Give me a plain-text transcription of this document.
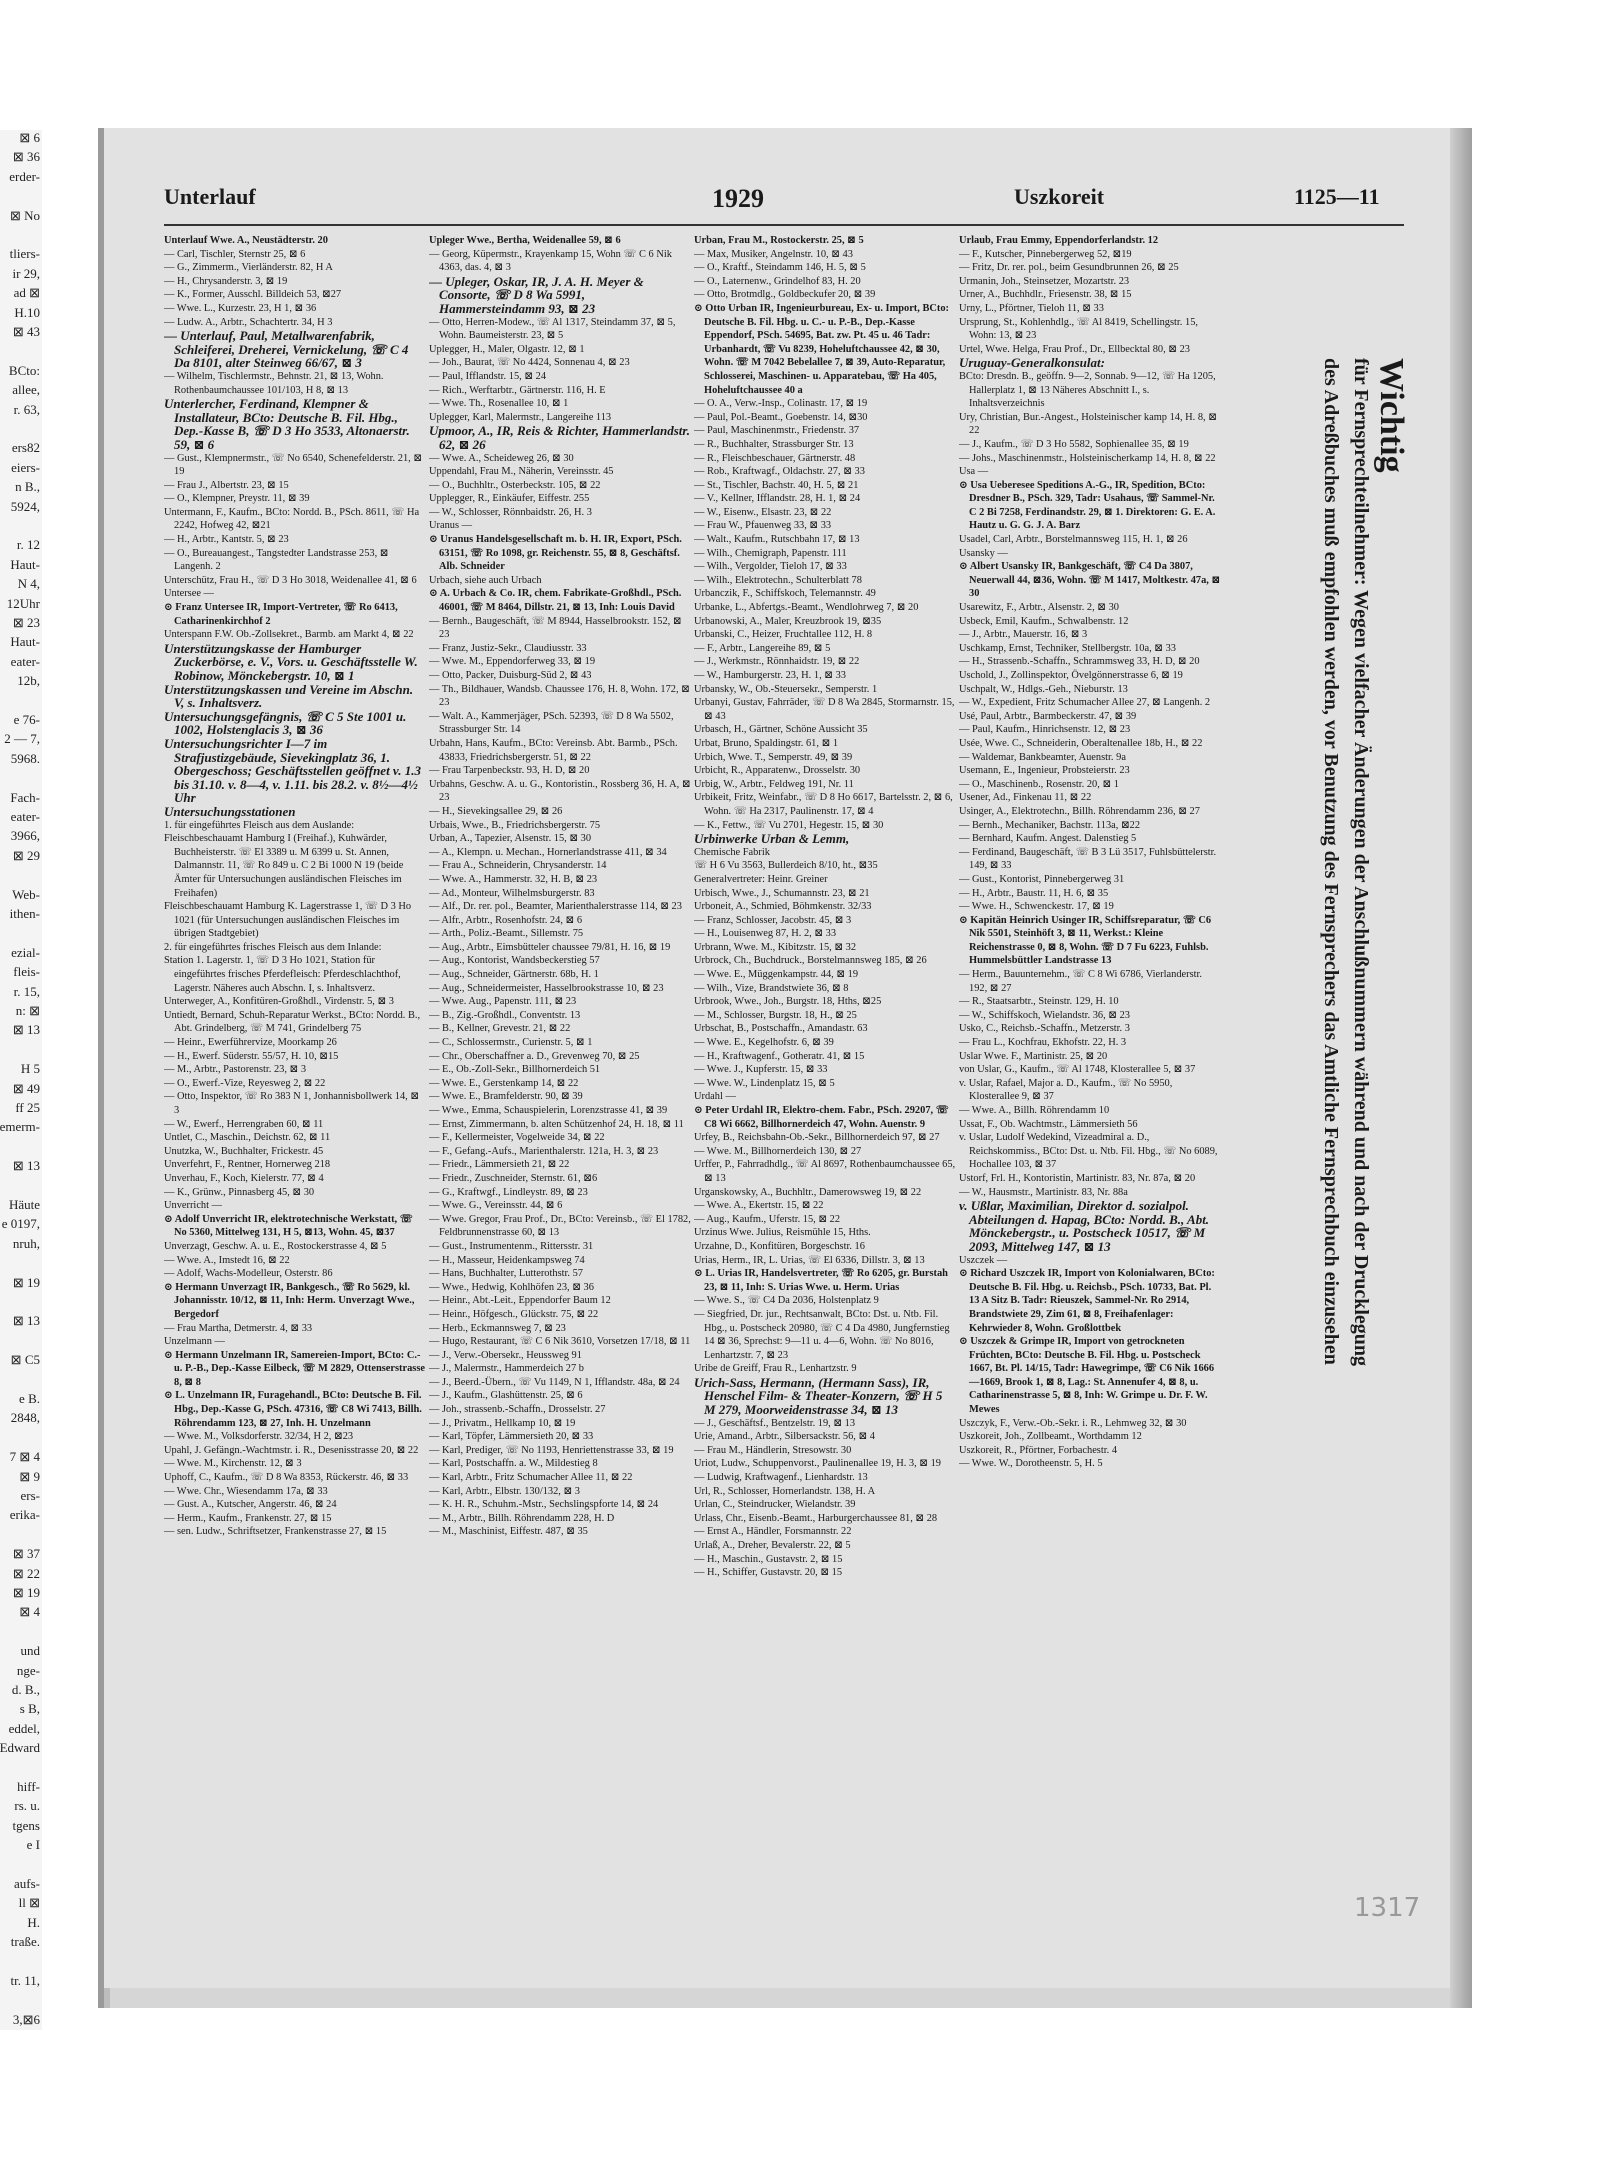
⊠ 6
⊠ 36
erder-
⊠ No
tliers-
ir 29,
ad ⊠
H.10
⊠ 43
BCto:
allee,
r. 63,
ers82
eiers-
n B.,
5924,
r. 12
Haut-
N 4,
12Uhr
⊠ 23
Haut-
eater-
12b,
e 76-
2 — 7,
5968.
Fach-
eater-
3966,
⊠ 29
Web-
ithen-
ezial-
fleis-
r. 15,
n: ⊠
⊠ 13
H 5
⊠ 49
ff 25
emerm-
⊠ 13
Häute
e 0197,
nruh,
⊠ 19
⊠ 13
⊠ C5
e B.
2848,
7 ⊠ 4
⊠ 9
ers-
erika-
⊠ 37
⊠ 22
⊠ 19
⊠ 4
und
nge-
d. B.,
s B,
eddel,
Edward
hiff-
rs. u.
tgens
e I
aufs-
ll ⊠
H.
traße.
tr. 11,
3,⊠6
Unterlauf	1929	Uszkoreit	1125—11

Unterlauf Wwe. A., Neustädterstr. 20

— Carl, Tischler, Sternstr 25, ⊠ 6

— G., Zimmerm., Vierländerstr. 82, H A

— H., Chrysanderstr. 3, ⊠ 19

— K., Former, Ausschl. Billdeich 53, ⊠27

— Wwe. L., Kurzestr. 23, H 1, ⊠ 36

— Ludw. A., Arbtr., Schachtertr. 34, H 3

— Unterlauf, Paul, Metallwarenfabrik, Schleiferei, Dreherei, Vernickelung, ☏ C 4 Da 8101, alter Steinweg 66/67, ⊠ 3

— Wilhelm, Tischlermstr., Behnstr. 21, ⊠ 13, Wohn. Rothenbaumchaussee 101/103, H 8, ⊠ 13

Unterlercher, Ferdinand, Klempner & Installateur, BCto: Deutsche B. Fil. Hbg., Dep.-Kasse B, ☏ D 3 Ho 3533, Altonaerstr. 59, ⊠ 6

— Gust., Klempnermstr., ☏ No 6540, Schenefelderstr. 21, ⊠ 19

— Frau J., Albertstr. 23, ⊠ 15

— O., Klempner, Preystr. 11, ⊠ 39

Untermann, F., Kaufm., BCto: Nordd. B., PSch. 8611, ☏ Ha 2242, Hofweg 42, ⊠21

— H., Arbtr., Kantstr. 5, ⊠ 23

— O., Bureauangest., Tangstedter Landstrasse 253, ⊠ Langenh. 2

Unterschütz, Frau H., ☏ D 3 Ho 3018, Weidenallee 41, ⊠ 6

Untersee —

⊙ Franz Untersee IR, Import-Vertreter, ☏ Ro 6413, Catharinenkirchhof 2

Unterspann F.W. Ob.-Zollsekret., Barmb. am Markt 4, ⊠ 22

Unterstützungskasse der Hamburger Zuckerbörse, e. V., Vors. u. Geschäftsstelle W. Robinow, Mönckebergstr. 10, ⊠ 1

Unterstützungskassen und Vereine im Abschn. V, s. Inhaltsverz.

Untersuchungsgefängnis, ☏ C 5 Ste 1001 u. 1002, Holstenglacis 3, ⊠ 36

Untersuchungsrichter I—7 im Strafjustizgebäude, Sievekingplatz 36, 1. Obergeschoss; Geschäftsstellen geöffnet v. 1.3 bis 31.10. v. 8—4, v. 1.11. bis 28.2. v. 8½—4½ Uhr

Untersuchungsstationen

1. für eingeführtes Fleisch aus dem Auslande:

Fleischbeschauamt Hamburg I (Freihaf.), Kuhwärder, Buchheisterstr. ☏ El 3389 u. M 6399 u. St. Annen, Dalmannstr. 11, ☏ Ro 849 u. C 2 Bi 1000 N 19 (beide Ämter für Untersuchungen ausländischen Fleisches im Freihafen)

Fleischbeschauamt Hamburg K. Lagerstrasse 1, ☏ D 3 Ho 1021 (für Untersuchungen ausländischen Fleisches im übrigen Stadtgebiet)

2. für eingeführtes frisches Fleisch aus dem Inlande:

Station 1. Lagerstr. 1, ☏ D 3 Ho 1021, Station für eingeführtes frisches Pferdefleisch: Pferdeschlachthof, Lagerstr. Näheres auch Abschn. I, s. Inhaltsverz.

Unterweger, A., Konfitüren-Großhdl., Virdenstr. 5, ⊠ 3

Untiedt, Bernard, Schuh-Reparatur Werkst., BCto: Nordd. B., Abt. Grindelberg, ☏ M 741, Grindelberg 75

— Heinr., Ewerführervize, Moorkamp 26

— H., Ewerf. Süderstr. 55/57, H. 10, ⊠15

— M., Arbtr., Pastorenstr. 23, ⊠ 3

— O., Ewerf.-Vize, Reyesweg 2, ⊠ 22

— Otto, Inspektor, ☏ Ro 383 N 1, Jonhannisbollwerk 14, ⊠ 3

— W., Ewerf., Herrengraben 60, ⊠ 11

Untlet, C., Maschin., Deichstr. 62, ⊠ 11

Unutzka, W., Buchhalter, Frickestr. 45

Unverfehrt, F., Rentner, Hornerweg 218

Unverhau, F., Koch, Kielerstr. 77, ⊠ 4

— K., Grünw., Pinnasberg 45, ⊠ 30

Unverricht —

⊙ Adolf Unverricht IR, elektrotechnische Werkstatt, ☏ No 5360, Mittelweg 131, H 5, ⊠13, Wohn. 45, ⊠37

Unverzagt, Geschw. A. u. E., Rostockerstrasse 4, ⊠ 5

— Wwe. A., Imstedt 16, ⊠ 22

— Adolf, Wachs-Modelleur, Osterstr. 86

⊙ Hermann Unverzagt IR, Bankgesch., ☏ Ro 5629, kl. Johannisstr. 10/12, ⊠ 11, Inh: Herm. Unverzagt Wwe., Bergedorf

— Frau Martha, Detmerstr. 4, ⊠ 33

Unzelmann —

⊙ Hermann Unzelmann IR, Samereien-Import, BCto: C.- u. P.-B., Dep.-Kasse Eilbeck, ☏ M 2829, Ottenserstrasse 8, ⊠ 8

⊙ L. Unzelmann IR, Furagehandl., BCto: Deutsche B. Fil. Hbg., Dep.-Kasse G, PSch. 47316, ☏ C8 Wi 7413, Billh. Röhrendamm 123, ⊠ 27, Inh. H. Unzelmann

— Wwe. M., Volksdorferstr. 32/34, H 2, ⊠23

Upahl, J. Gefängn.-Wachtmstr. i. R., Desenisstrasse 20, ⊠ 22

— Wwe. M., Kirchenstr. 12, ⊠ 3

Uphoff, C., Kaufm., ☏ D 8 Wa 8353, Rückerstr. 46, ⊠ 33

— Wwe. Chr., Wiesendamm 17a, ⊠ 33

— Gust. A., Kutscher, Angerstr. 46, ⊠ 24

— Herm., Kaufm., Frankenstr. 27, ⊠ 15

— sen. Ludw., Schriftsetzer, Frankenstrasse 27, ⊠ 15

Upleger Wwe., Bertha, Weidenallee 59, ⊠ 6

— Georg, Küpermstr., Krayenkamp 15, Wohn ☏ C 6 Nik 4363, das. 4, ⊠ 3

— Upleger, Oskar, IR, J. A. H. Meyer & Consorte, ☏ D 8 Wa 5991, Hammersteindamm 93, ⊠ 23

— Otto, Herren-Modew., ☏ Al 1317, Steindamm 37, ⊠ 5, Wohn. Baumeisterstr. 23, ⊠ 5

Uplegger, H., Maler, Olgastr. 12, ⊠ 1

— Joh., Baurat, ☏ No 4424, Sonnenau 4, ⊠ 23

— Paul, Ifflandstr. 15, ⊠ 24

— Rich., Werftarbtr., Gärtnerstr. 116, H. E

— Wwe. Th., Rosenallee 10, ⊠ 1

Uplegger, Karl, Malermstr., Langereihe 113

Upmoor, A., IR, Reis & Richter, Hammerlandstr. 62, ⊠ 26

— Wwe. A., Scheideweg 26, ⊠ 30

Uppendahl, Frau M., Näherin, Vereinsstr. 45

— O., Buchhltr., Osterbeckstr. 105, ⊠ 22

Upplegger, R., Einkäufer, Eiffestr. 255

— W., Schlosser, Rönnbaidstr. 26, H. 3

Uranus —

⊙ Uranus Handelsgesellschaft m. b. H. IR, Export, PSch. 63151, ☏ Ro 1098, gr. Reichenstr. 55, ⊠ 8, Geschäftsf. Alb. Schneider

Urbach, siehe auch Urbach

⊙ A. Urbach & Co. IR, chem. Fabrikate-Großhdl., PSch. 46001, ☏ M 8464, Dillstr. 21, ⊠ 13, Inh: Louis David

— Bernh., Baugeschäft, ☏ M 8944, Hasselbrookstr. 152, ⊠ 23

— Franz, Justiz-Sekr., Claudiusstr. 33

— Wwe. M., Eppendorferweg 33, ⊠ 19

— Otto, Packer, Duisburg-Süd 2, ⊠ 43

— Th., Bildhauer, Wandsb. Chaussee 176, H. 8, Wohn. 172, ⊠ 23

— Walt. A., Kammerjäger, PSch. 52393, ☏ D 8 Wa 5502, Strassburger Str. 14

Urbahn, Hans, Kaufm., BCto: Vereinsb. Abt. Barmb., PSch. 43833, Friedrichsbergerstr. 51, ⊠ 22

— Frau Tarpenbeckstr. 93, H. D, ⊠ 20

Urbahns, Geschw. A. u. G., Kontoristin., Rossberg 36, H. A, ⊠ 23

— H., Sievekingsallee 29, ⊠ 26

Urbais, Wwe., B., Friedrichsbergerstr. 75

Urban, A., Tapezier, Alsenstr. 15, ⊠ 30

— A., Klempn. u. Mechan., Hornerlandstrasse 411, ⊠ 34

— Frau A., Schneiderin, Chrysanderstr. 14

— Wwe. A., Hammerstr. 32, H. B, ⊠ 23

— Ad., Monteur, Wilhelmsburgerstr. 83

— Alf., Dr. rer. pol., Beamter, Marienthalerstrasse 114, ⊠ 23

— Alfr., Arbtr., Rosenhofstr. 24, ⊠ 6

— Arth., Poliz.-Beamt., Sillemstr. 75

— Aug., Arbtr., Eimsbütteler chaussee 79/81, H. 16, ⊠ 19

— Aug., Kontorist, Wandsbeckerstieg 57

— Aug., Schneider, Gärtnerstr. 68b, H. 1

— Aug., Schneidermeister, Hasselbrookstrasse 10, ⊠ 23

— Wwe. Aug., Papenstr. 111, ⊠ 23

— B., Zig.-Großhdl., Conventstr. 13

— B., Kellner, Grevestr. 21, ⊠ 22

— C., Schlossermstr., Curienstr. 5, ⊠ 1

— Chr., Oberschaffner a. D., Grevenweg 70, ⊠ 25

— E., Ob.-Zoll-Sekr., Billhornerdeich 51

— Wwe. E., Gerstenkamp 14, ⊠ 22

— Wwe. E., Bramfelderstr. 90, ⊠ 39

— Wwe., Emma, Schauspielerin, Lorenzstrasse 41, ⊠ 39

— Ernst, Zimmermann, b. alten Schützenhof 24, H. 18, ⊠ 11

— F., Kellermeister, Vogelweide 34, ⊠ 22

— F., Gefang.-Aufs., Marienthalerstr. 121a, H. 3, ⊠ 23

— Friedr., Lämmersieth 21, ⊠ 22

— Friedr., Zuschneider, Sternstr. 61, ⊠6

— G., Kraftwgf., Lindleystr. 89, ⊠ 23

— Wwe. G., Vereinsstr. 44, ⊠ 6

— Wwe. Gregor, Frau Prof., Dr., BCto: Vereinsb., ☏ El 1782, Feldbrunnenstrasse 60, ⊠ 13

— Gust., Instrumentenm., Rittersstr. 31

— H., Masseur, Heidenkampsweg 74

— Hans, Buchhalter, Lutterothstr. 57

— Wwe., Hedwig, Kohlhöfen 23, ⊠ 36

— Heinr., Abt.-Leit., Eppendorfer Baum 12

— Heinr., Höfgesch., Glückstr. 75, ⊠ 22

— Herb., Eckmannsweg 7, ⊠ 23

— Hugo, Restaurant, ☏ C 6 Nik 3610, Vorsetzen 17/18, ⊠ 11

— J., Verw.-Obersekr., Heussweg 91

— J., Malermstr., Hammerdeich 27 b

— J., Beerd.-Übern., ☏ Vu 1149, N 1, Ifflandstr. 48a, ⊠ 24

— J., Kaufm., Glashüttenstr. 25, ⊠ 6

— Joh., strassenb.-Schaffn., Drosselstr. 27

— J., Privatm., Hellkamp 10, ⊠ 19

— Karl, Töpfer, Lämmersieth 20, ⊠ 33

— Karl, Prediger, ☏ No 1193, Henriettenstrasse 33, ⊠ 19

— Karl, Postschaffn. a. W., Mildestieg 8

— Karl, Arbtr., Fritz Schumacher Allee 11, ⊠ 22

— Karl, Arbtr., Elbstr. 130/132, ⊠ 3

— K. H. R., Schuhm.-Mstr., Sechslingspforte 14, ⊠ 24

— M., Arbtr., Billh. Röhrendamm 228, H. D

— M., Maschinist, Eiffestr. 487, ⊠ 35

Urban, Frau M., Rostockerstr. 25, ⊠ 5

— Max, Musiker, Angelnstr. 10, ⊠ 43

— O., Kraftf., Steindamm 146, H. 5, ⊠ 5

— O., Laternenw., Grindelhof 83, H. 20

— Otto, Brotmdlg., Goldbeckufer 20, ⊠ 39

⊙ Otto Urban IR, Ingenieurbureau, Ex- u. Import, BCto: Deutsche B. Fil. Hbg. u. C.- u. P.-B., Dep.-Kasse Eppendorf, PSch. 54695, Bat. zw. Pt. 45 u. 46 Tadr: Urbanhardt, ☏ Vu 8239, Hoheluftchaussee 42, ⊠ 30, Wohn. ☏ M 7042 Bebelallee 7, ⊠ 39, Auto-Reparatur, Schlosserei, Maschinen- u. Apparatebau, ☏ Ha 405, Hoheluftchaussee 40 a

— O. A., Verw.-Insp., Colinastr. 17, ⊠ 19

— Paul, Pol.-Beamt., Goebenstr. 14, ⊠30

— Paul, Maschinenmstr., Friedenstr. 37

— R., Buchhalter, Strassburger Str. 13

— R., Fleischbeschauer, Gärtnerstr. 48

— Rob., Kraftwagf., Oldachstr. 27, ⊠ 33

— St., Tischler, Bachstr. 40, H. 5, ⊠ 21

— V., Kellner, Ifflandstr. 28, H. 1, ⊠ 24

— W., Eisenw., Elsastr. 23, ⊠ 22

— Frau W., Pfauenweg 33, ⊠ 33

— Walt., Kaufm., Rutschbahn 17, ⊠ 13

— Wilh., Chemigraph, Papenstr. 111

— Wilh., Vergolder, Tieloh 17, ⊠ 33

— Wilh., Elektrotechn., Schulterblatt 78

Urbanczik, F., Schiffskoch, Telemannstr. 49

Urbanke, L., Abfertgs.-Beamt., Wendlohrweg 7, ⊠ 20

Urbanowski, A., Maler, Kreuzbrook 19, ⊠35

Urbanski, C., Heizer, Fruchtallee 112, H. 8

— F., Arbtr., Langereihe 89, ⊠ 5

— J., Werkmstr., Rönnhaidstr. 19, ⊠ 22

— W., Hamburgerstr. 23, H. 1, ⊠ 33

Urbansky, W., Ob.-Steuersekr., Semperstr. 1

Urbanyi, Gustav, Fahrräder, ☏ D 8 Wa 2845, Stormarnstr. 15, ⊠ 43

Urbasch, H., Gärtner, Schöne Aussicht 35

Urbat, Bruno, Spaldingstr. 61, ⊠ 1

Urbich, Wwe. T., Semperstr. 49, ⊠ 39

Urbicht, R., Apparatenw., Drosselstr. 30

Urbig, W., Arbtr., Feldweg 191, Nr. 11

Urbikeit, Fritz, Weinfabr., ☏ D 8 Ho 6617, Bartelsstr. 2, ⊠ 6, Wohn. ☏ Ha 2317, Paulinenstr. 17, ⊠ 4

— K., Fettw., ☏ Vu 2701, Hegestr. 15, ⊠ 30

Urbinwerke Urban & Lemm,

Chemische Fabrik

☏ H 6 Vu 3563, Bullerdeich 8/10, ht., ⊠35

Generalvertreter: Heinr. Greiner

Urbisch, Wwe., J., Schumannstr. 23, ⊠ 21

Urboneit, A., Schmied, Böhmkenstr. 32/33

— Franz, Schlosser, Jacobstr. 45, ⊠ 3

— H., Louisenweg 87, H. 2, ⊠ 33

Urbrann, Wwe. M., Kibitzstr. 15, ⊠ 32

Urbrock, Ch., Buchdruck., Borstelmannsweg 185, ⊠ 26

— Wwe. E., Müggenkampstr. 44, ⊠ 19

— Wilh., Vize, Brandstwiete 36, ⊠ 8

Urbrook, Wwe., Joh., Burgstr. 18, Hths, ⊠25

— M., Schlosser, Burgstr. 18, H., ⊠ 25

Urbschat, B., Postschaffn., Amandastr. 63

— Wwe. E., Kegelhofstr. 6, ⊠ 39

— H., Kraftwagenf., Gotheratr. 41, ⊠ 15

— Wwe. J., Kupferstr. 15, ⊠ 33

— Wwe. W., Lindenplatz 15, ⊠ 5

Urdahl —

⊙ Peter Urdahl IR, Elektro-chem. Fabr., PSch. 29207, ☏ C8 Wi 6662, Billhornerdeich 47, Wohn. Auenstr. 9

Urfey, B., Reichsbahn-Ob.-Sekr., Billhornerdeich 97, ⊠ 27

— Wwe. M., Billhornerdeich 130, ⊠ 27

Urffer, P., Fahrradhdlg., ☏ Al 8697, Rothenbaumchaussee 65, ⊠ 13

Urganskowsky, A., Buchhltr., Damerowsweg 19, ⊠ 22

— Wwe. A., Ekertstr. 15, ⊠ 22

— Aug., Kaufm., Uferstr. 15, ⊠ 22

Urzinus Wwe. Julius, Reismühle 15, Hths.

Urzahne, D., Konfitüren, Borgeschstr. 16

Urias, Herm., IR, L. Urias, ☏ El 6336, Dillstr. 3, ⊠ 13

⊙ L. Urias IR, Handelsvertreter, ☏ Ro 6205, gr. Burstah 23, ⊠ 11, Inh: S. Urias Wwe. u. Herm. Urias

— Wwe. S., ☏ C4 Da 2036, Holstenplatz 9

— Siegfried, Dr. jur., Rechtsanwalt, BCto: Dst. u. Ntb. Fil. Hbg., u. Postscheck 20980, ☏ C 4 Da 4980, Jungfernstieg 14 ⊠ 36, Sprechst: 9—11 u. 4—6, Wohn. ☏ No 8016, Lenhartzstr. 7, ⊠ 23

Uribe de Greiff, Frau R., Lenhartzstr. 9

Urich-Sass, Hermann, (Hermann Sass), IR, Henschel Film- & Theater-Konzern, ☏ H 5 M 279, Moorweidenstrasse 34, ⊠ 13

— J., Geschäftsf., Bentzelstr. 19, ⊠ 13

Urie, Amand., Arbtr., Silbersackstr. 56, ⊠ 4

— Frau M., Händlerin, Stresowstr. 30

Uriot, Ludw., Schuppenvorst., Paulinenallee 19, H. 3, ⊠ 19

— Ludwig, Kraftwagenf., Lienhardstr. 13

Url, R., Schlosser, Hornerlandstr. 138, H. A

Urlan, C., Steindrucker, Wielandstr. 39

Urlass, Chr., Eisenb.-Beamt., Harburgerchaussee 81, ⊠ 28

— Ernst A., Händler, Forsmannstr. 22

Urlaß, A., Dreher, Bevalerstr. 22, ⊠ 5

— H., Maschin., Gustavstr. 2, ⊠ 15

— H., Schiffer, Gustavstr. 20, ⊠ 15

Urlaub, Frau Emmy, Eppendorferlandstr. 12

— F., Kutscher, Pinnebergerweg 52, ⊠19

— Fritz, Dr. rer. pol., beim Gesundbrunnen 26, ⊠ 25

Urmanin, Joh., Steinsetzer, Mozartstr. 23

Urner, A., Buchhdlr., Friesenstr. 38, ⊠ 15

Urny, L., Pförtner, Tieloh 11, ⊠ 33

Ursprung, St., Kohlenhdlg., ☏ Al 8419, Schellingstr. 15, Wohn: 13, ⊠ 23

Urtel, Wwe. Helga, Frau Prof., Dr., Ellbecktal 80, ⊠ 23

Uruguay-Generalkonsulat:

BCto: Dresdn. B., geöffn. 9—2, Sonnab. 9—12, ☏ Ha 1205, Hallerplatz 1, ⊠ 13 Näheres Abschnitt I., s. Inhaltsverzeichnis

Ury, Christian, Bur.-Angest., Holsteinischer kamp 14, H. 8, ⊠ 22

— J., Kaufm., ☏ D 3 Ho 5582, Sophienallee 35, ⊠ 19

— Johs., Maschinenmstr., Holsteinischerkamp 14, H. 8, ⊠ 22

Usa —

⊙ Usa Ueberesee Speditions A.-G., IR, Spedition, BCto: Dresdner B., PSch. 329, Tadr: Usahaus, ☏ Sammel-Nr. C 2 Bi 7258, Ferdinandstr. 29, ⊠ 1. Direktoren: G. E. A. Hautz u. G. G. J. A. Barz

Usadel, Carl, Arbtr., Borstelmannsweg 115, H. 1, ⊠ 26

Usansky —

⊙ Albert Usansky IR, Bankgeschäft, ☏ C4 Da 3807, Neuerwall 44, ⊠36, Wohn. ☏ M 1417, Moltkestr. 47a, ⊠ 30

Usarewitz, F., Arbtr., Alsenstr. 2, ⊠ 30

Usbeck, Emil, Kaufm., Schwalbenstr. 12

— J., Arbtr., Mauerstr. 16, ⊠ 3

Uschkamp, Ernst, Techniker, Stellbergstr. 10a, ⊠ 33

— H., Strassenb.-Schaffn., Schrammsweg 33, H. D, ⊠ 20

Uschold, J., Zollinspektor, Övelgönnerstrasse 6, ⊠ 19

Uschpalt, W., Hdlgs.-Geh., Nieburstr. 13

— W., Expedient, Fritz Schumacher Allee 27, ⊠ Langenh. 2

Usé, Paul, Arbtr., Barmbeckerstr. 47, ⊠ 39

— Paul, Kaufm., Hinrichsenstr. 12, ⊠ 23

Usée, Wwe. C., Schneiderin, Oberaltenallee 18b, H., ⊠ 22

— Waldemar, Bankbeamter, Auenstr. 9a

Usemann, E., Ingenieur, Probsteierstr. 23

— O., Maschinenb., Rosenstr. 20, ⊠ 1

Usener, Ad., Finkenau 11, ⊠ 22

Usinger, A., Elektrotechn., Billh. Röhrendamm 236, ⊠ 27

— Bernh., Mechaniker, Bachstr. 113a, ⊠22

— Bernhard, Kaufm. Angest. Dalenstieg 5

— Ferdinand, Baugeschäft, ☏ B 3 Lü 3517, Fuhlsbüttelerstr. 149, ⊠ 33

— Gust., Kontorist, Pinnebergerweg 31

— H., Arbtr., Baustr. 11, H. 6, ⊠ 35

— Wwe. H., Schwenckestr. 17, ⊠ 19

⊙ Kapitän Heinrich Usinger IR, Schiffsreparatur, ☏ C6 Nik 5501, Steinhöft 3, ⊠ 11, Werkst.: Kleine Reichenstrasse 0, ⊠ 8, Wohn. ☏ D 7 Fu 6223, Fuhlsb. Hummelsbüttler Landstrasse 13

— Herm., Bauunternehm., ☏ C 8 Wi 6786, Vierlanderstr. 192, ⊠ 27

— R., Staatsarbtr., Steinstr. 129, H. 10

— W., Schiffskoch, Wielandstr. 36, ⊠ 23

Usko, C., Reichsb.-Schaffn., Metzerstr. 3

— Frau L., Kochfrau, Ekhofstr. 22, H. 3

Uslar Wwe. F., Martinistr. 25, ⊠ 20

von Uslar, G., Kaufm., ☏ Al 1748, Klosterallee 5, ⊠ 37

v. Uslar, Rafael, Major a. D., Kaufm., ☏ No 5950, Klosterallee 9, ⊠ 37

— Wwe. A., Billh. Röhrendamm 10

Ussat, F., Ob. Wachtmstr., Lämmersieth 56

v. Uslar, Ludolf Wedekind, Vizeadmiral a. D., Reichskommiss., BCto: Dst. u. Ntb. Fil. Hbg., ☏ No 6089, Hochallee 103, ⊠ 37

Ustorf, Frl. H., Kontoristin, Martinistr. 83, Nr. 87a, ⊠ 20

— W., Hausmstr., Martinistr. 83, Nr. 88a

v. Ußlar, Maximilian, Direktor d. sozialpol. Abteilungen d. Hapag, BCto: Nordd. B., Abt. Mönckebergstr., u. Postscheck 10517, ☏ M 2093, Mittelweg 147, ⊠ 13

Uszczek —

⊙ Richard Uszczek IR, Import von Kolonialwaren, BCto: Deutsche B. Fil. Hbg. u. Reichsb., PSch. 10733, Bat. Pl. 13 A Sitz B. Tadr: Rieuszek, Sammel-Nr. Ro 2914, Brandstwiete 29, Zim 61, ⊠ 8, Freihafenlager: Kehrwieder 8, Wohn. Großlottbek

⊙ Uszczek & Grimpe IR, Import von getrockneten Früchten, BCto: Deutsche B. Fil. Hbg. u. Postscheck 1667, Bt. Pl. 14/15, Tadr: Hawegrimpe, ☏ C6 Nik 1666—1669, Brook 1, ⊠ 8, Lag.: St. Annenufer 4, ⊠ 8, u. Catharinenstrasse 5, ⊠ 8, Inh: W. Grimpe u. Dr. F. W. Mewes

Uszczyk, F., Verw.-Ob.-Sekr. i. R., Lehmweg 32, ⊠ 30

Uszkoreit, Joh., Zollbeamt., Worthdamm 12

Uszkoreit, R., Pförtner, Forbachestr. 4

— Wwe. W., Dorotheenstr. 5, H. 5

Wichtig
für Fernsprechteilnehmer: Wegen vielfacher Änderungen der Anschlußnummern während und nach der Drucklegung
des Adreßbuches muß empfohlen werden, vor Benutzung des Fernsprechers das Amtliche Fernsprechbuch einzusehen
1317
